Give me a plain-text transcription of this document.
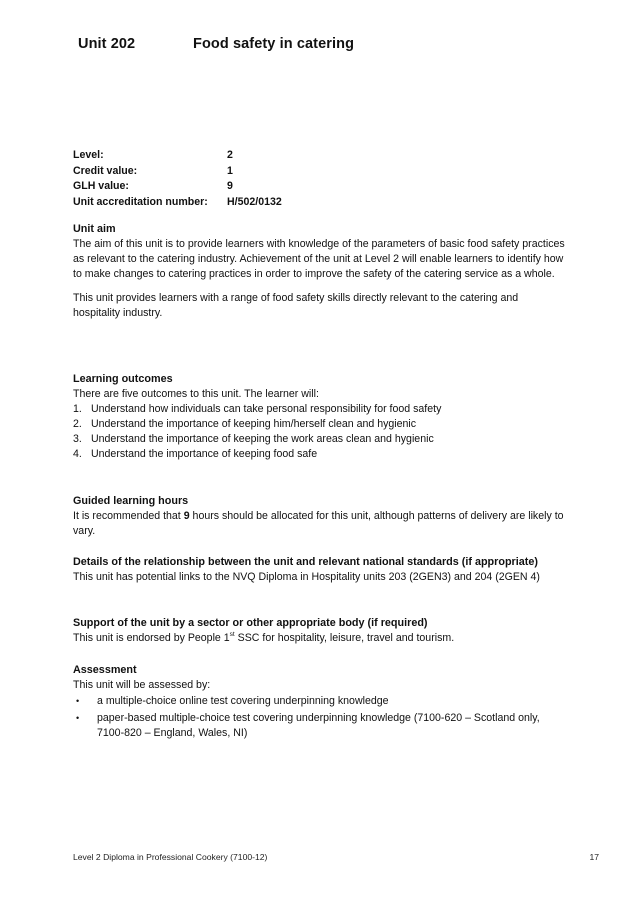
Unit 202	Food safety in catering
Level:	2
Credit value:	1
GLH value:	9
Unit accreditation number: H/502/0132

Unit aim

The aim of this unit is to provide learners with knowledge of the parameters of basic food safety practices as relevant to the catering industry. Achievement of the unit at Level 2 will enable learners to identify how to make changes to catering practices in order to improve the safety of the catering service as a whole.

This unit provides learners with a range of food safety skills directly relevant to the catering and hospitality industry.

Learning outcomes

There are five outcomes to this unit. The learner will:

1. Understand how individuals can take personal responsibility for food safety
2. Understand the importance of keeping him/herself clean and hygienic
3. Understand the importance of keeping the work areas clean and hygienic
4. Understand the importance of keeping food safe

Guided learning hours

It is recommended that 9 hours should be allocated for this unit, although patterns of delivery are likely to vary.

Details of the relationship between the unit and relevant national standards (if appropriate)

This unit has potential links to the NVQ Diploma in Hospitality units 203 (2GEN3) and 204 (2GEN 4)

Support of the unit by a sector or other appropriate body (if required)

This unit is endorsed by People 1st SSC for hospitality, leisure, travel and tourism.

Assessment

This unit will be assessed by:

• a multiple-choice online test covering underpinning knowledge
• paper-based multiple-choice test covering underpinning knowledge (7100-620 – Scotland only, 7100-820 – England, Wales, NI)
Level 2 Diploma in Professional Cookery (7100-12)	17
